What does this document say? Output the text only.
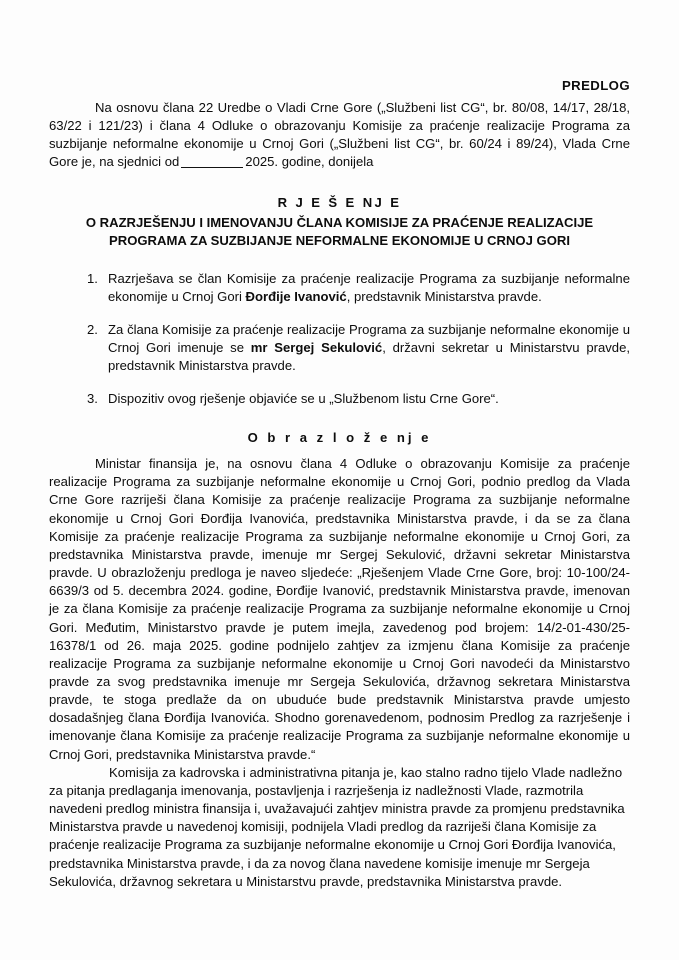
PREDLOG

Na osnovu člana 22 Uredbe o Vladi Crne Gore („Službeni list CG“, br. 80/08, 14/17, 28/18, 63/22 i 121/23) i člana 4 Odluke o obrazovanju Komisije za praćenje realizacije Programa za suzbijanje neformalne ekonomije u Crnoj Gori („Službeni list CG“, br. 60/24 i 89/24), Vlada Crne Gore je, na sjednici od	2025. godine, donijela

R J E Š E NJ E
O RAZRJEŠENJU I IMENOVANJU ČLANA KOMISIJE ZA PRAĆENJE REALIZACIJE PROGRAMA ZA SUZBIJANJE NEFORMALNE EKONOMIJE U CRNOJ GORI
1. Razrješava se član Komisije za praćenje realizacije Programa za suzbijanje neformalne ekonomije u Crnoj Gori Đorđije Ivanović, predstavnik Ministarstva pravde.
2. Za člana Komisije za praćenje realizacije Programa za suzbijanje neformalne ekonomije u Crnoj Gori imenuje se mr Sergej Sekulović, državni sekretar u Ministarstvu pravde, predstavnik Ministarstva pravde.
3. Dispozitiv ovog rješenje objaviće se u „Službenom listu Crne Gore“.
O b r a z l o ž e nj e

Ministar finansija je, na osnovu člana 4 Odluke o obrazovanju Komisije za praćenje realizacije Programa za suzbijanje neformalne ekonomije u Crnoj Gori, podnio predlog da Vlada Crne Gore razriješi člana Komisije za praćenje realizacije Programa za suzbijanje neformalne ekonomije u Crnoj Gori Đorđija Ivanovića, predstavnika Ministarstva pravde, i da se za člana Komisije za praćenje realizacije Programa za suzbijanje neformalne ekonomije u Crnoj Gori, za predstavnika Ministarstva pravde, imenuje mr Sergej Sekulović, državni sekretar Ministarstva pravde. U obrazloženju predloga je naveo sljedeće: „Rješenjem Vlade Crne Gore, broj: 10-100/24-6639/3 od 5. decembra 2024. godine, Đorđije Ivanović, predstavnik Ministarstva pravde, imenovan je za člana Komisije za praćenje realizacije Programa za suzbijanje neformalne ekonomije u Crnoj Gori. Međutim, Ministarstvo pravde je putem imejla, zavedenog pod brojem: 14/2-01-430/25-16378/1 od 26. maja 2025. godine podnijelo zahtjev za izmjenu člana Komisije za praćenje realizacije Programa za suzbijanje neformalne ekonomije u Crnoj Gori navodeći da Ministarstvo pravde za svog predstavnika imenuje mr Sergeja Sekulovića, državnog sekretara Ministarstva pravde, te stoga predlaže da on ubuduće bude predstavnik Ministarstva pravde umjesto dosadašnjeg člana Đorđija Ivanovića. Shodno gorenavedenom, podnosim Predlog za razrješenje i imenovanje člana Komisije za praćenje realizacije Programa za suzbijanje neformalne ekonomije u Crnoj Gori, predstavnika Ministarstva pravde.“

Komisija za kadrovska i administrativna pitanja je, kao stalno radno tijelo Vlade nadležno za pitanja predlaganja imenovanja, postavljenja i razrješenja iz nadležnosti Vlade, razmotrila navedeni predlog ministra finansija i, uvažavajući zahtjev ministra pravde za promjenu predstavnika Ministarstva pravde u navedenoj komisiji, podnijela Vladi predlog da razriješi člana Komisije za praćenje realizacije Programa za suzbijanje neformalne ekonomije u Crnoj Gori Đorđija Ivanovića, predstavnika Ministarstva pravde, i da za novog člana navedene komisije imenuje mr Sergeja Sekulovića, državnog sekretara u Ministarstvu pravde, predstavnika Ministarstva pravde.
